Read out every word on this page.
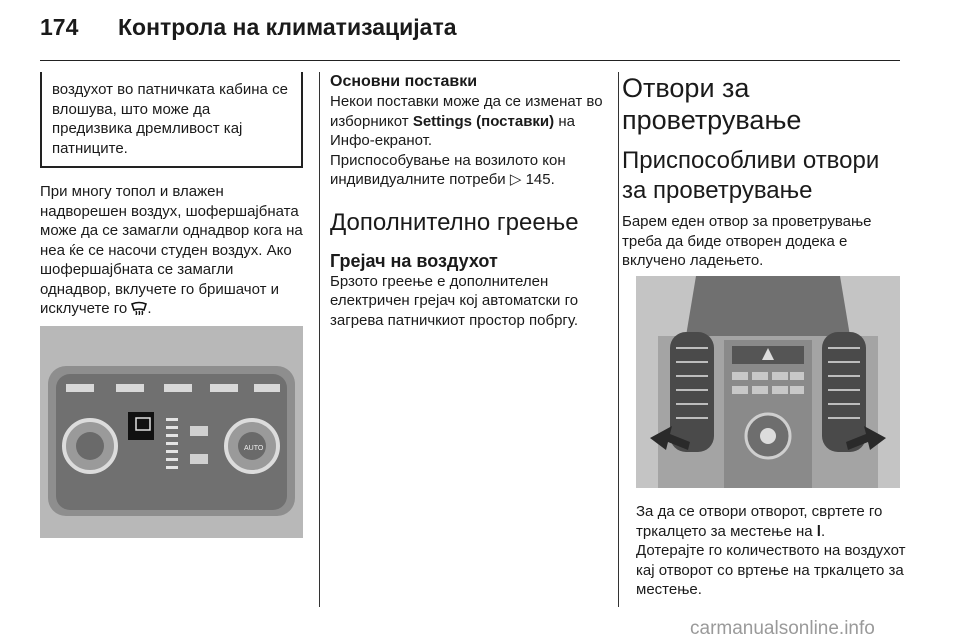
174 Контрола на климатизацијата
воздухот во патничката кабина се влошува, што може да предизвика дремливост кај патниците.

При многу топол и влажен надворешен воздух, шофершајбната може да се замагли однадвор кога на неа ќе се насочи студен воздух. Ако шофершајбната се замагли однадвор, вклучете го бришачот и исклучете го .

AUTO

Основни поставки

Некои поставки може да се изменат во изборникот Settings (поставки) на Инфо-екранот.

Приспособување на возилото кон индивидуалните потреби ▷ 145.

Дополнително греење

Грејач на воздухот

Брзото греење е дополнителен електричен грејач кој автоматски го загрева патничкиот простор побргу.

Отвори за проветрување

Приспособливи отвори за проветрување

Барем еден отвор за проветрување треба да биде отворен додека е вклучено ладењето.

За да се отвори отворот, свртете го тркалцето за местење на l.

Дотерајте го количеството на воздухот кај отворот со вртење на тркалцето за местење.

carmanualsonline.info
